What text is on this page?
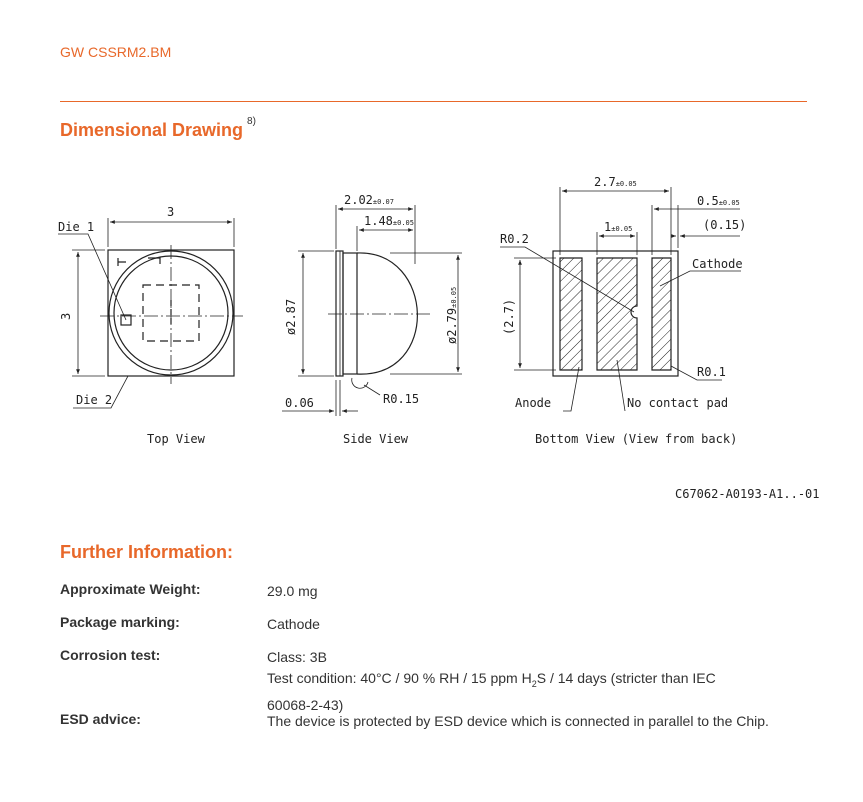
GW CSSRM2.BM
Dimensional Drawing $^{8)}$
3
3
Die 1
Die 2
Top View
2.02±0.07
1.48±0.05
ø2.87	ø2.79±0.05
0.06	R0.15
Side View
2.7±0.05
1±0.05
0.5±0.05
(0.15)
(2.7)
R0.2
Cathode
R0.1
Anode	No contact pad
Bottom View (View from back)
C67062-A0193-A1..-01
Further Information:
Approximate Weight:	29.0 mg
Package marking:	Cathode
Corrosion test:	Class: 3B
Test condition: 40°C / 90 % RH / 15 ppm $H_2S / 14$ days (stricter than IEC
60068-2-43)
ESD advice:	The device is protected by ESD device which is connected in parallel to the Chip.
